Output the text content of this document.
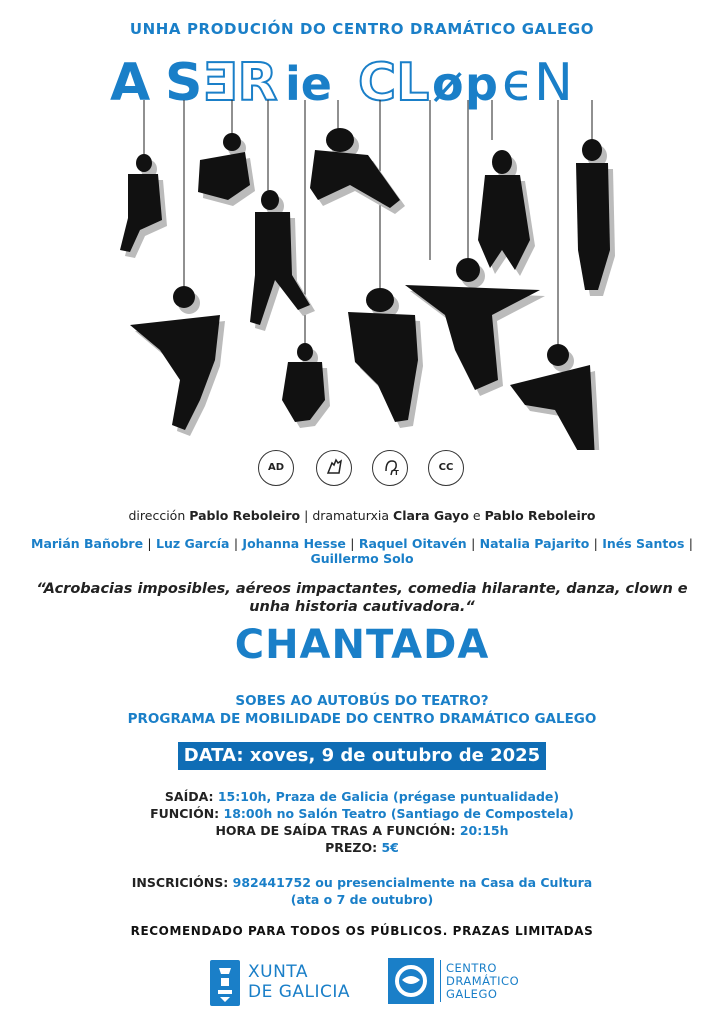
UNHA PRODUCIÓN DO CENTRO DRAMÁTICO GALEGO
A S ƎR ie CL ø p ϵN
AD	T	CC
dirección Pablo Reboleiro | dramaturxia Clara Gayo e Pablo Reboleiro
Marián Bañobre | Luz García | Johanna Hesse | Raquel Oitavén | Natalia Pajarito | Inés Santos |
Guillermo Solo
“Acrobacias imposibles, aéreos impactantes, comedia hilarante, danza, clown e
unha historia cautivadora.“
CHANTADA
SOBES AO AUTOBÚS DO TEATRO?
PROGRAMA DE MOBILIDADE DO CENTRO DRAMÁTICO GALEGO
DATA: xoves, 9 de outubro de 2025
SAÍDA: 15:10h, Praza de Galicia (prégase puntualidade)
FUNCIÓN: 18:00h no Salón Teatro (Santiago de Compostela)
HORA DE SAÍDA TRAS A FUNCIÓN: 20:15h
PREZO: 5€
INSCRICIÓNS: 982441752 ou presencialmente na Casa da Cultura
(ata o 7 de outubro)
RECOMENDADO PARA TODOS OS PÚBLICOS. PRAZAS LIMITADAS
XUNTA
DE GALICIA
CENTRO
DRAMÁTICO
GALEGO
